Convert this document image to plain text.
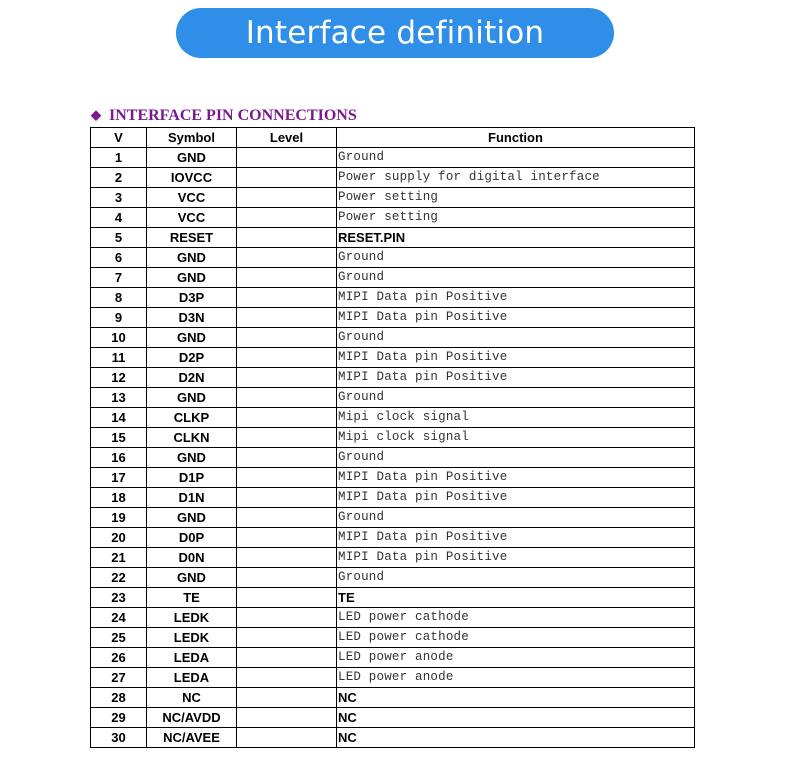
Interface definition
◆ INTERFACE PIN CONNECTIONS
V	Symbol	Level	Function
1	GND		Ground
2	IOVCC		Power supply for digital interface
3	VCC		Power setting
4	VCC		Power setting
5	RESET		RESET.PIN
6	GND		Ground
7	GND		Ground
8	D3P		MIPI Data pin Positive
9	D3N		MIPI Data pin Positive
10	GND		Ground
11	D2P		MIPI Data pin Positive
12	D2N		MIPI Data pin Positive
13	GND		Ground
14	CLKP		Mipi clock signal
15	CLKN		Mipi clock signal
16	GND		Ground
17	D1P		MIPI Data pin Positive
18	D1N		MIPI Data pin Positive
19	GND		Ground
20	D0P		MIPI Data pin Positive
21	D0N		MIPI Data pin Positive
22	GND		Ground
23	TE		TE
24	LEDK		LED power cathode
25	LEDK		LED power cathode
26	LEDA		LED power anode
27	LEDA		LED power anode
28	NC		NC
29	NC/AVDD		NC
30	NC/AVEE		NC
